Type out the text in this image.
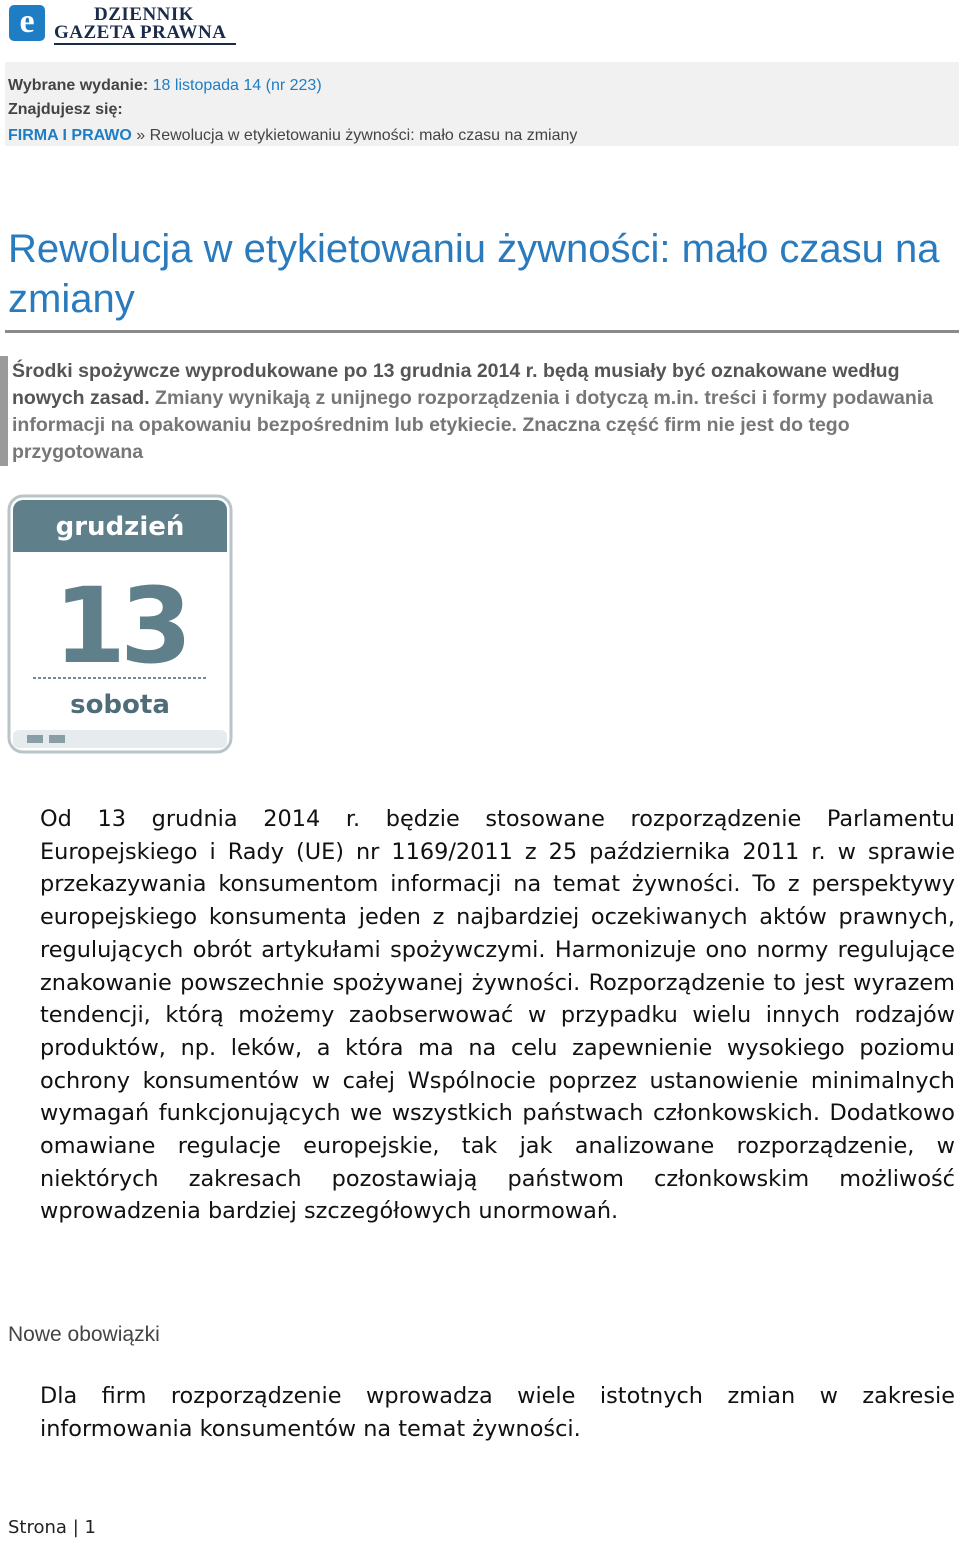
e	DZIENNIK
GAZETA PRAWNA
Wybrane wydanie: 18 listopada 14 (nr 223)
Znajdujesz się:
FIRMA I PRAWO » Rewolucja w etykietowaniu żywności: mało czasu na zmiany
Rewolucja w etykietowaniu żywności: mało czasu na zmiany

Środki spożywcze wyprodukowane po 13 grudnia 2014 r. będą musiały być oznakowane według nowych zasad. Zmiany wynikają z unijnego rozporządzenia i dotyczą m.in. treści i formy podawania informacji na opakowaniu bezpośrednim lub etykiecie. Znaczna część firm nie jest do tego przygotowana

grudzień
13
sobota

Od 13 grudnia 2014 r. będzie stosowane rozporządzenie Parlamentu Europejskiego i Rady (UE) nr 1169/2011 z 25 października 2011 r. w sprawie przekazywania konsumentom informacji na temat żywności. To z perspektywy europejskiego konsumenta jeden z najbardziej oczekiwanych aktów prawnych, regulujących obrót artykułami spożywczymi. Harmonizuje ono normy regulujące znakowanie powszechnie spożywanej żywności. Rozporządzenie to jest wyrazem tendencji, którą możemy zaobserwować w przypadku wielu innych rodzajów produktów, np. leków, a która ma na celu zapewnienie wysokiego poziomu ochrony konsumentów w całej Wspólnocie poprzez ustanowienie minimalnych wymagań funkcjonujących we wszystkich państwach członkowskich. Dodatkowo omawiane regulacje europejskie, tak jak analizowane rozporządzenie, w niektórych zakresach pozostawiają państwom członkowskim możliwość wprowadzenia bardziej szczegółowych unormowań.

Nowe obowiązki

Dla firm rozporządzenie wprowadza wiele istotnych zmian w zakresie informowania konsumentów na temat żywności.

Strona | 1
